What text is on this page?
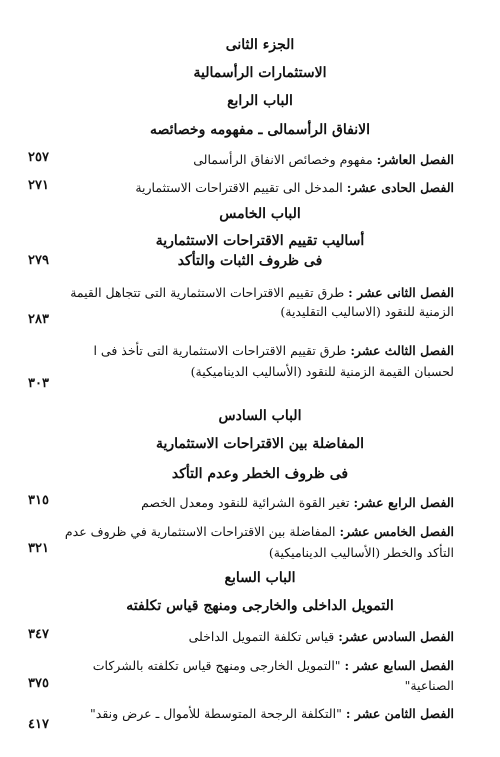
الجزء الثانى
الاستثمارات الرأسمالية
الباب الرابع
الانفاق الرأسمالى ـ مفهومه وخصائصه
الفصل العاشر: مفهوم وخصائص الانفاق الرأسمالى
٢٥٧
الفصل الحادى عشر: المدخل الى تقييم الاقتراحات الاستثمارية
٢٧١
الباب الخامس
أساليب تقييم الاقتراحات الاستثمارية
فى ظروف الثبات والتأكد
٢٧٩
الفصل الثانى عشر : طرق تقييم الاقتراحات الاستثمارية التى تتجاهل القيمة الزمنية للنقود (الاساليب التقليدية)
٢٨٣
الفصل الثالث عشر: طرق تقييم الاقتراحات الاستثمارية التى تأخذ فى ا لحسبان القيمة الزمنية للنقود (الأساليب الديناميكية)
٣٠٣
الباب السادس
المفاضلة بين الاقتراحات الاستثمارية
فى ظروف الخطر وعدم التأكد
الفصل الرابع عشر: تغير القوة الشرائية للنقود ومعدل الخصم
٣١٥
الفصل الخامس عشر: المفاضلة بين الاقتراحات الاستثمارية في ظروف عدم التأكد والخطر (الأساليب الديناميكية)
٣٢١
الباب السابع
التمويل الداخلى والخارجى ومنهج قياس تكلفته
الفصل السادس عشر: قياس تكلفة التمويل الداخلى
٣٤٧
الفصل السابع عشر : "التمويل الخارجى ومنهج قياس تكلفته بالشركات الصناعية"
٣٧٥
الفصل الثامن عشر : "التكلفة الرجحة المتوسطة للأموال ـ عرض ونقد"
٤١٧
